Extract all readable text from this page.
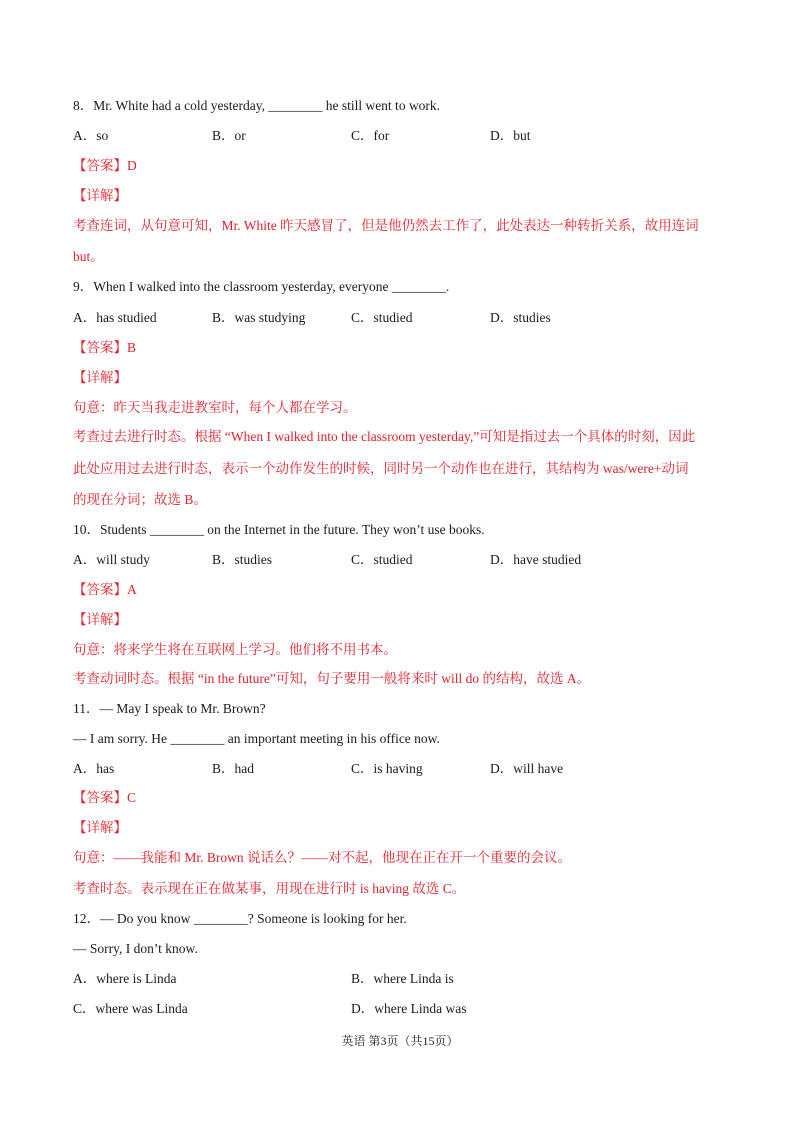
8．Mr. White had a cold yesterday, ________ he still went to work.
A．so	B．or	C．for	D．but
【答案】D
【详解】
考查连词，从句意可知，Mr. White 昨天感冒了，但是他仍然去工作了，此处表达一种转折关系，故用连词
but。
9．When I walked into the classroom yesterday, everyone ________.
A．has studied	B．was studying	C．studied	D．studies
【答案】B
【详解】
句意：昨天当我走进教室时，每个人都在学习。
考查过去进行时态。根据 “When I walked into the classroom yesterday,”可知是指过去一个具体的时刻，因此
此处应用过去进行时态，表示一个动作发生的时候，同时另一个动作也在进行，其结构为 was/were+动词
的现在分词；故选 B。
10．Students ________ on the Internet in the future. They won’t use books.
A．will study	B．studies	C．studied	D．have studied
【答案】A
【详解】
句意：将来学生将在互联网上学习。他们将不用书本。
考查动词时态。根据 “in the future”可知，句子要用一般将来时 will do 的结构，故选 A。
11．— May I speak to Mr. Brown?
— I am sorry. He ________ an important meeting in his office now.
A．has	B．had	C．is having	D．will have
【答案】C
【详解】
句意：——我能和 Mr. Brown 说话么？——对不起，他现在正在开一个重要的会议。
考查时态。表示现在正在做某事，用现在进行时 is having 故选 C。
12．— Do you know ________? Someone is looking for her.
— Sorry, I don’t know.
A．where is Linda	B．where Linda is
C．where was Linda	D．where Linda was
英语 第3页（共15页）
